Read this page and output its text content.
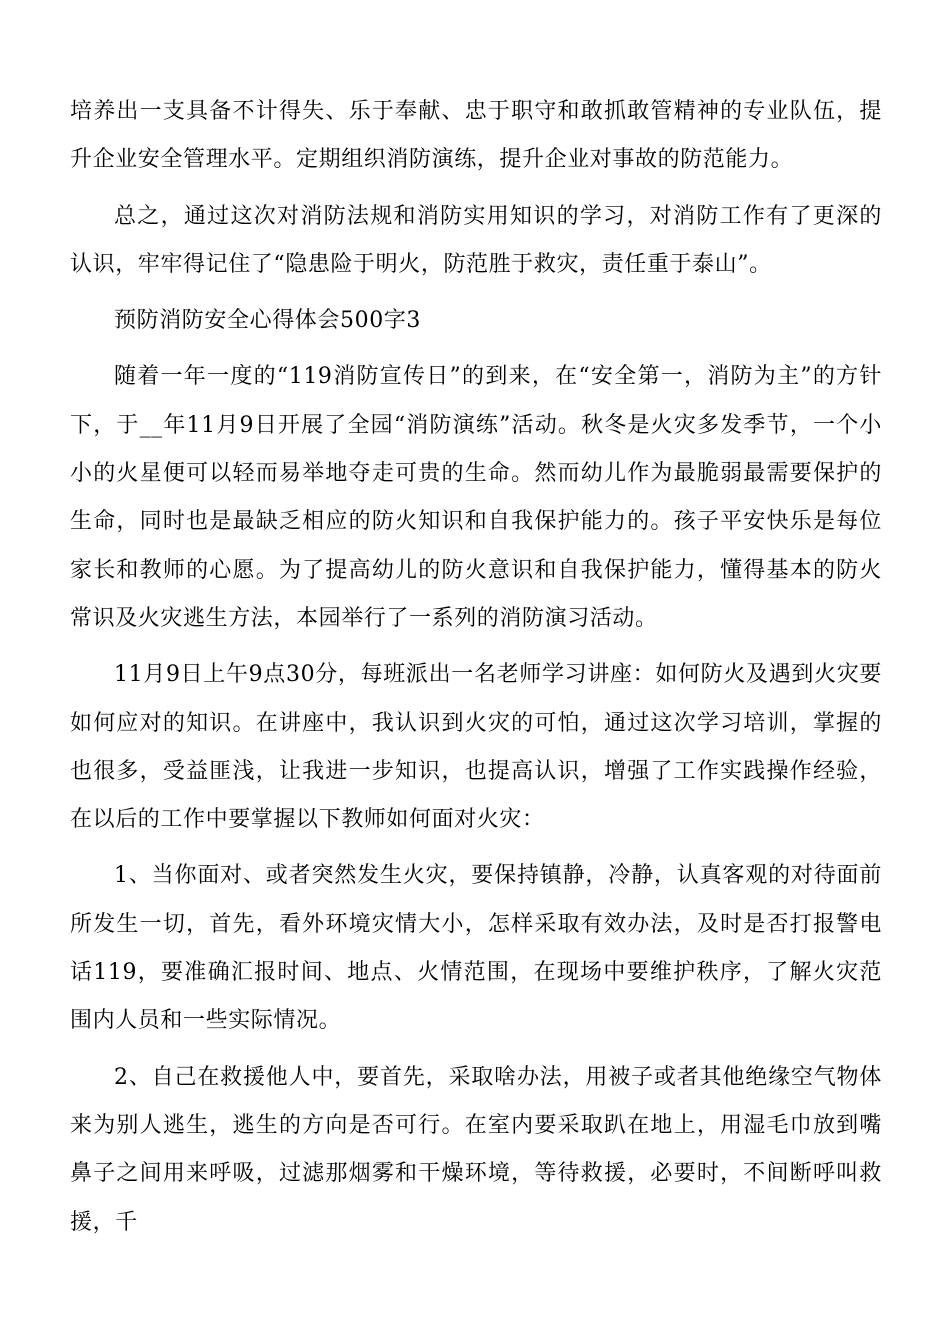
培养出一支具备不计得失、乐于奉献、忠于职守和敢抓敢管精神的专业队伍，提升企业安全管理水平。定期组织消防演练，提升企业对事故的防范能力。

总之，通过这次对消防法规和消防实用知识的学习，对消防工作有了更深的认识，牢牢得记住了“隐患险于明火，防范胜于救灾，责任重于泰山”。

预防消防安全心得体会500字3

随着一年一度的“119消防宣传日”的到来，在“安全第一，消防为主”的方针下，于__年11月9日开展了全园“消防演练”活动。秋冬是火灾多发季节，一个小小的火星便可以轻而易举地夺走可贵的生命。然而幼儿作为最脆弱最需要保护的生命，同时也是最缺乏相应的防火知识和自我保护能力的。孩子平安快乐是每位家长和教师的心愿。为了提高幼儿的防火意识和自我保护能力，懂得基本的防火常识及火灾逃生方法，本园举行了一系列的消防演习活动。

11月9日上午9点30分，每班派出一名老师学习讲座：如何防火及遇到火灾要如何应对的知识。在讲座中，我认识到火灾的可怕，通过这次学习培训，掌握的也很多，受益匪浅，让我进一步知识，也提高认识，增强了工作实践操作经验，在以后的工作中要掌握以下教师如何面对火灾：

1、当你面对、或者突然发生火灾，要保持镇静，冷静，认真客观的对待面前所发生一切，首先，看外环境灾情大小，怎样采取有效办法，及时是否打报警电话119，要准确汇报时间、地点、火情范围，在现场中要维护秩序，了解火灾范围内人员和一些实际情况。

2、自己在救援他人中，要首先，采取啥办法，用被子或者其他绝缘空气物体来为别人逃生，逃生的方向是否可行。在室内要采取趴在地上，用湿毛巾放到嘴鼻子之间用来呼吸，过滤那烟雾和干燥环境，等待救援，必要时，不间断呼叫救援，千
